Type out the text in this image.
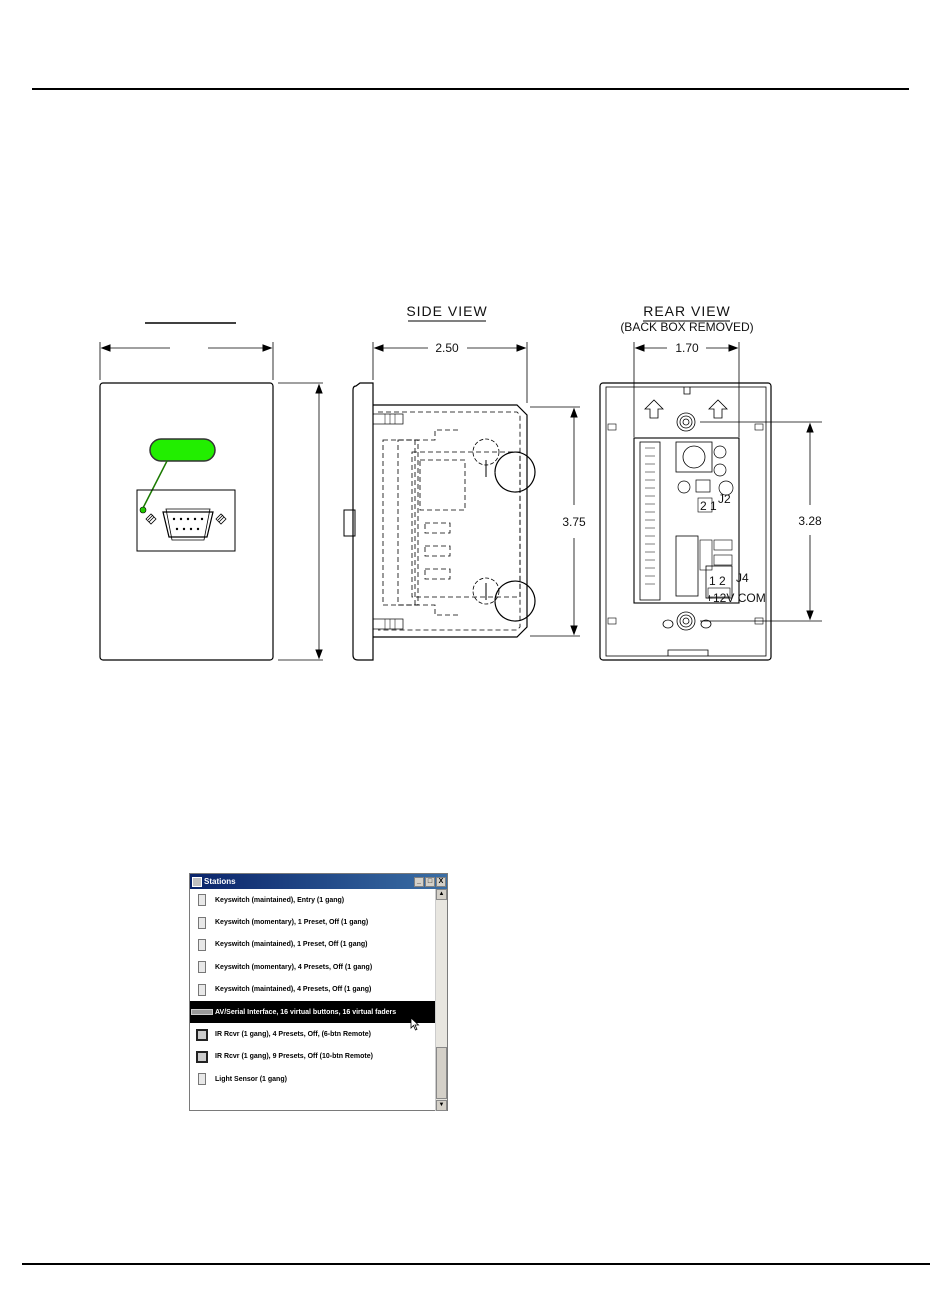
SIDE VIEW
2.50
3.75
REAR VIEW
(BACK BOX REMOVED)
1.70
J2
J4
2 1
1 2
+12V COM
3.28
Stations	_ □ X
Keyswitch (maintained), Entry (1 gang)
Keyswitch (momentary), 1 Preset, Off (1 gang)
Keyswitch (maintained), 1 Preset, Off (1 gang)
Keyswitch (momentary), 4 Presets, Off (1 gang)
Keyswitch (maintained), 4 Presets, Off (1 gang)
AV/Serial Interface, 16 virtual buttons, 16 virtual faders
IR Rcvr (1 gang), 4 Presets, Off, (6-btn Remote)
IR Rcvr (1 gang), 9 Presets, Off (10-btn Remote)
Light Sensor (1 gang)
▲
▼
